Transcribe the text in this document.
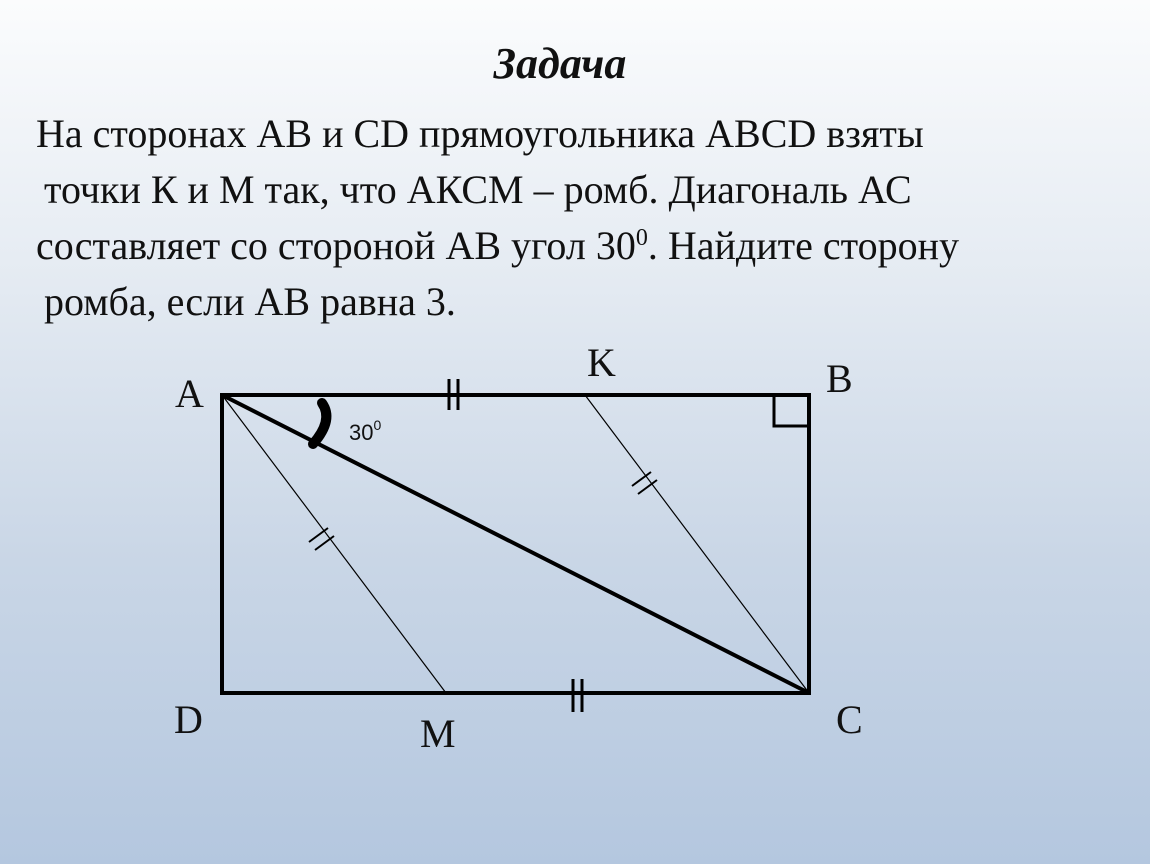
Задача
На сторонах АВ и CD прямоугольника ABCD взяты
точки К и М так, что АКСМ – ромб. Диагональ АС
составляет со стороной АВ угол $30^0$. Найдите сторону
ромба, если АВ равна 3.
$30^0$
A	B
C
D
K
M
